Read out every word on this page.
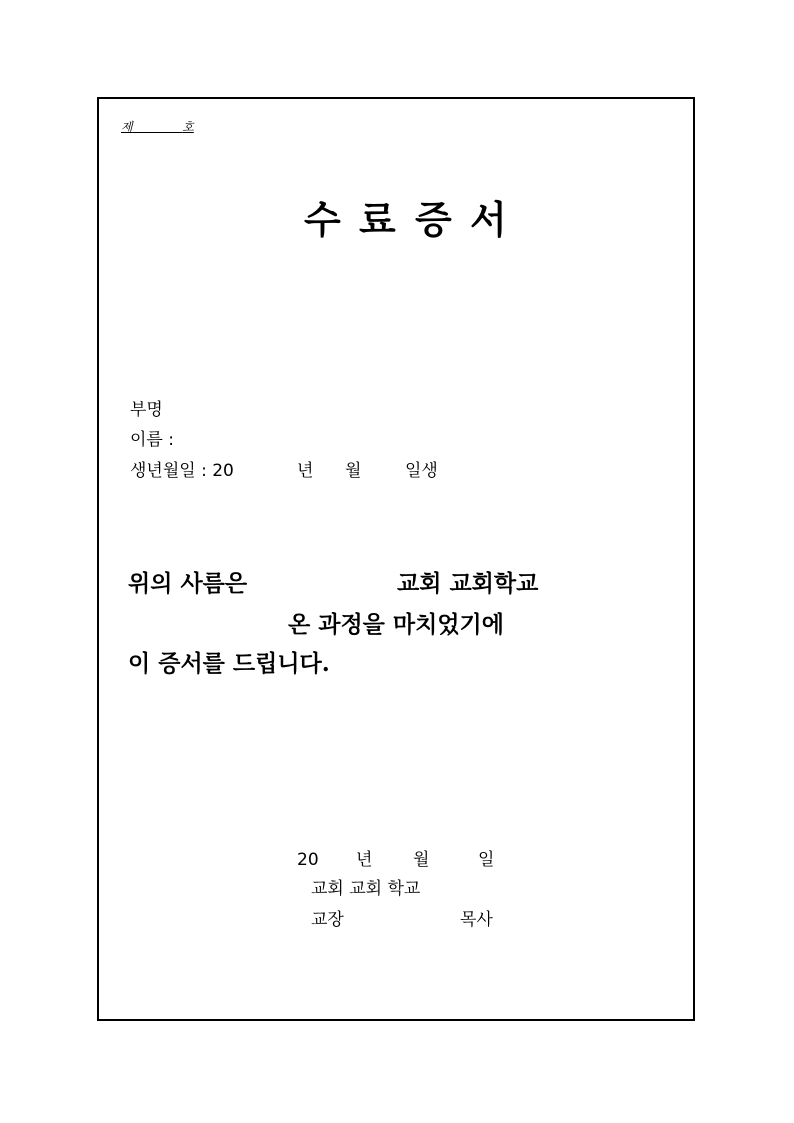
제	호
수 료 증 서
부명
이름 :
생년월일 : 20	년 월	일생
위의 사름은	교회 교회학교
온 과정을 마치었기에
이 증서를 드립니다.
20 년 월	일
교회 교회 학교
교장	목사
